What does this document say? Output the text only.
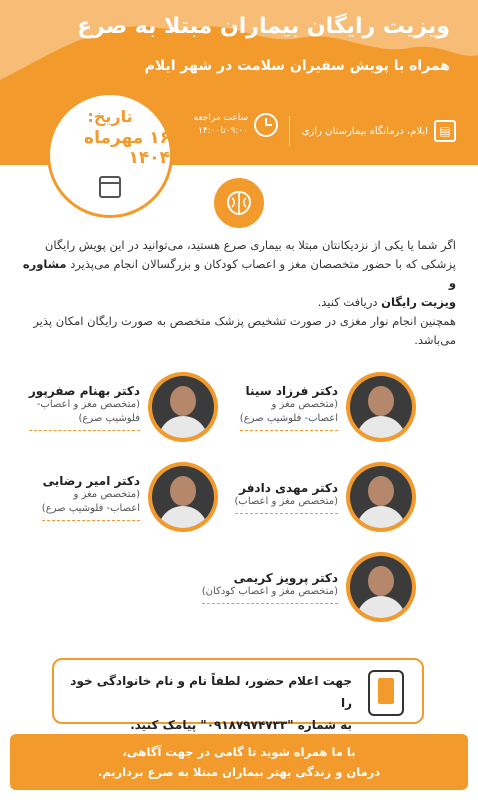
ویزیت رایگان بیماران مبتلا به صرع
همراه با پویش سفیران سلامت در شهر ایلام
▤
ایلام، درمانگاه بیمارستان رازی
ساعت مراجعه
۰۹:۰۰تا۱۴:۰۰
تاریخ:
۱۶ مهرماه ۱۴۰۴
اگر شما یا یکی از نزدیکانتان مبتلا به بیماری صرع هستید، می‌توانید در این پویش رایگان
پزشکی که با حضور متخصصان مغز و اعصاب کودکان و بزرگسالان انجام می‌پذیرد مشاوره و
ویزیت رایگان دریافت کنید.
همچنین انجام نوار مغزی در صورت تشخیص پزشک متخصص به صورت رایگان امکان پذیر
می‌باشد.
دکتر فرزاد سینا
(متخصص مغز و
اعصاب- فلوشیپ صرع)
دکتر بهنام صفرپور
(متخصص مغز و اعصاب-
فلوشیپ صرع)
دکتر مهدی دادفر
(متخصص مغز و اعصاب)
دکتر امیر رضایی
(متخصص مغز و
اعصاب- فلوشیپ صرع)
دکتر پرویز کریمی
(متخصص مغز و اعصاب کودکان)
جهت اعلام حضور، لطفاً نام و نام خانوادگی خود را
به شماره "۰۹۱۸۷۹۷۴۷۳۳" پیامک کنید.
با ما همراه شوید تا گامی در جهت آگاهی،
درمان و زندگی بهتر بیماران مبتلا به صرع برداریم.
